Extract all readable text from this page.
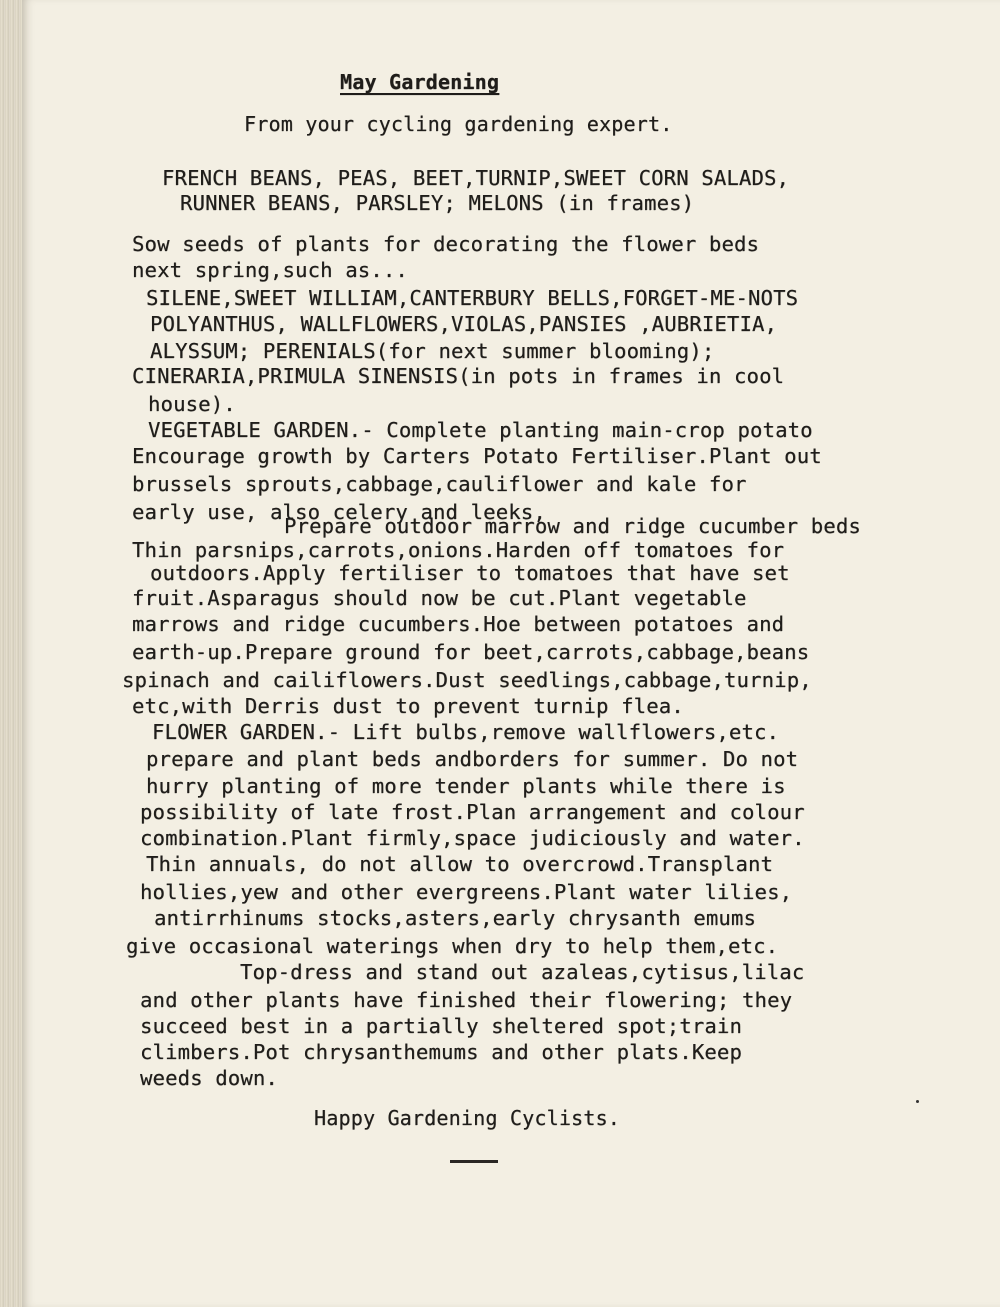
May Gardening
From your cycling gardening expert.
FRENCH BEANS, PEAS, BEET,TURNIP,SWEET CORN SALADS,
RUNNER BEANS, PARSLEY; MELONS (in frames)
Sow seeds of plants for decorating the flower beds
next spring,such as...
SILENE,SWEET WILLIAM,CANTERBURY BELLS,FORGET-ME-NOTS
POLYANTHUS, WALLFLOWERS,VIOLAS,PANSIES ,AUBRIETIA,
ALYSSUM; PERENIALS(for next summer blooming);
CINERARIA,PRIMULA SINENSIS(in pots in frames in cool
house).
VEGETABLE GARDEN.- Complete planting main-crop potato
Encourage growth by Carters Potato Fertiliser.Plant out
brussels sprouts,cabbage,cauliflower and kale for
early use, also celery and leeks,
Prepare outdoor marrow and ridge cucumber beds
Thin parsnips,carrots,onions.Harden off tomatoes for
outdoors.Apply fertiliser to tomatoes that have set
fruit.Asparagus should now be cut.Plant vegetable
marrows and ridge cucumbers.Hoe between potatoes and
earth-up.Prepare ground for beet,carrots,cabbage,beans
spinach and cailiflowers.Dust seedlings,cabbage,turnip,
etc,with Derris dust to prevent turnip flea.
FLOWER GARDEN.- Lift bulbs,remove wallflowers,etc.
prepare and plant beds andborders for summer. Do not
hurry planting of more tender plants while there is
possibility of late frost.Plan arrangement and colour
combination.Plant firmly,space judiciously and water.
Thin annuals, do not allow to overcrowd.Transplant
hollies,yew and other evergreens.Plant water lilies,
antirrhinums stocks,asters,early chrysanth emums
give occasional waterings when dry to help them,etc.
Top-dress and stand out azaleas,cytisus,lilac
and other plants have finished their flowering; they
succeed best in a partially sheltered spot;train
climbers.Pot chrysanthemums and other plats.Keep
weeds down.
Happy Gardening Cyclists.
